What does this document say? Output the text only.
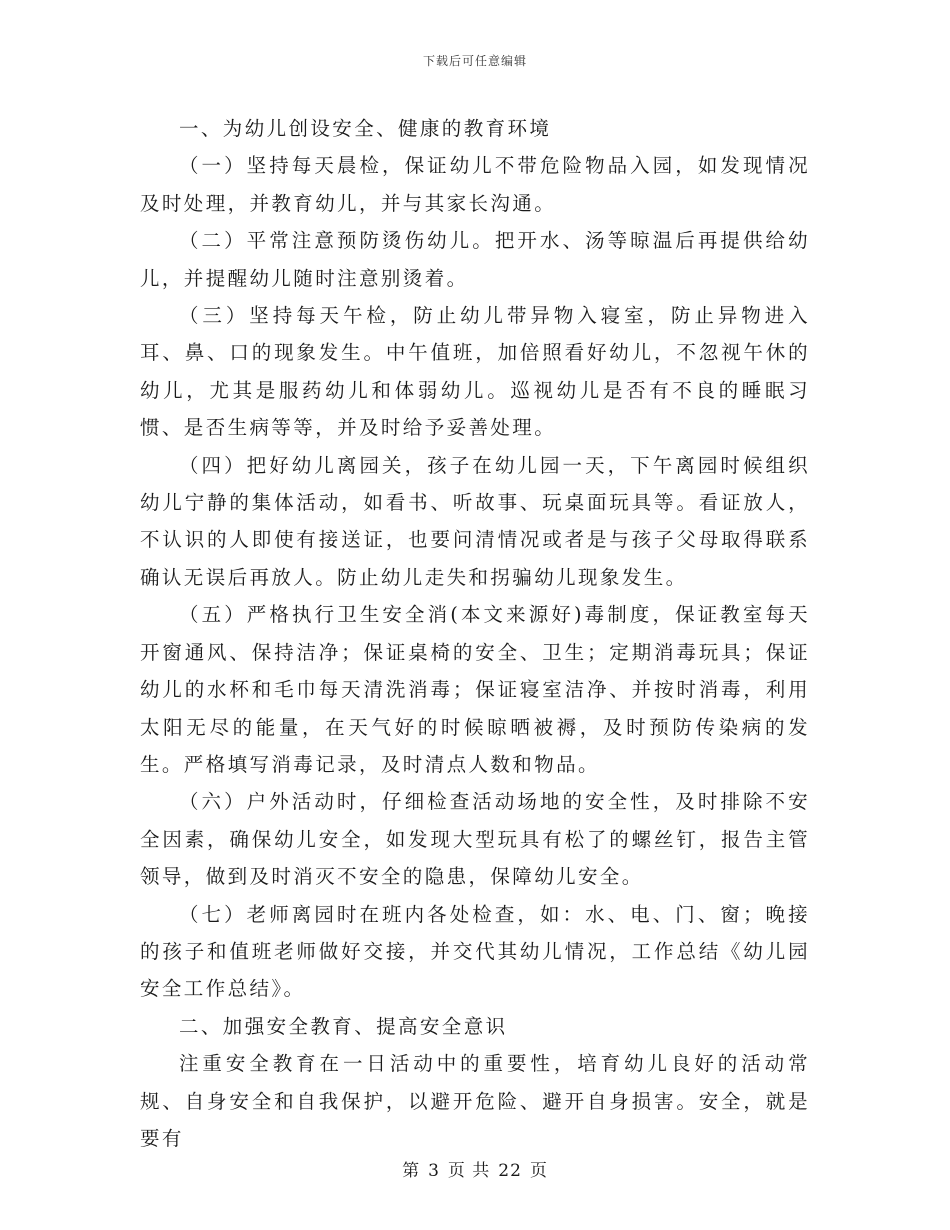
下载后可任意编辑

一、为幼儿创设安全、健康的教育环境

（一）坚持每天晨检，保证幼儿不带危险物品入园，如发现情况及时处理，并教育幼儿，并与其家长沟通。

（二）平常注意预防烫伤幼儿。把开水、汤等晾温后再提供给幼儿，并提醒幼儿随时注意别烫着。

（三）坚持每天午检，防止幼儿带异物入寝室，防止异物进入耳、鼻、口的现象发生。中午值班，加倍照看好幼儿，不忽视午休的幼儿，尤其是服药幼儿和体弱幼儿。巡视幼儿是否有不良的睡眠习惯、是否生病等等，并及时给予妥善处理。

（四）把好幼儿离园关，孩子在幼儿园一天，下午离园时候组织幼儿宁静的集体活动，如看书、听故事、玩桌面玩具等。看证放人，不认识的人即使有接送证，也要问清情况或者是与孩子父母取得联系确认无误后再放人。防止幼儿走失和拐骗幼儿现象发生。

（五）严格执行卫生安全消(本文来源好)毒制度，保证教室每天开窗通风、保持洁净；保证桌椅的安全、卫生；定期消毒玩具；保证幼儿的水杯和毛巾每天清洗消毒；保证寝室洁净、并按时消毒，利用太阳无尽的能量，在天气好的时候晾晒被褥，及时预防传染病的发生。严格填写消毒记录，及时清点人数和物品。

（六）户外活动时，仔细检查活动场地的安全性，及时排除不安全因素，确保幼儿安全，如发现大型玩具有松了的螺丝钉，报告主管领导，做到及时消灭不安全的隐患，保障幼儿安全。

（七）老师离园时在班内各处检查，如：水、电、门、窗；晚接的孩子和值班老师做好交接，并交代其幼儿情况，工作总结《幼儿园安全工作总结》。

二、加强安全教育、提高安全意识

注重安全教育在一日活动中的重要性，培育幼儿良好的活动常规、自身安全和自我保护，以避开危险、避开自身损害。安全，就是要有

第 3 页 共 22 页
